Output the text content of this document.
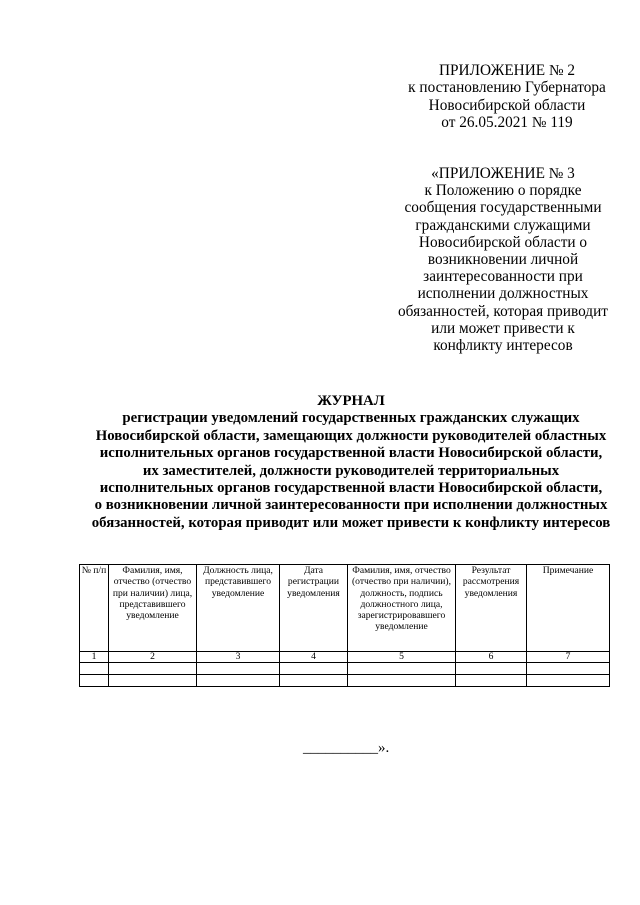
ПРИЛОЖЕНИЕ № 2
к постановлению Губернатора
Новосибирской области
от 26.05.2021 № 119
«ПРИЛОЖЕНИЕ № 3
к Положению о порядке
сообщения государственными
гражданскими служащими
Новосибирской области о
возникновении личной
заинтересованности при
исполнении должностных
обязанностей, которая приводит
или может привести к
конфликту интересов
ЖУРНАЛ
регистрации уведомлений государственных гражданских служащих
Новосибирской области, замещающих должности руководителей областных
исполнительных органов государственной власти Новосибирской области,
их заместителей, должности руководителей территориальных
исполнительных органов государственной власти Новосибирской области,
о возникновении личной заинтересованности при исполнении должностных
обязанностей, которая приводит или может привести к конфликту интересов
№ п/п	Фамилия, имя, отчество (отчество при наличии) лица, представившего уведомление	Должность лица, представившего уведомление	Дата регистрации уведомления	Фамилия, имя, отчество (отчество при наличии), должность, подпись должностного лица, зарегистрировавшего уведомление	Результат рассмотрения уведомления	Примечание
1	2	3	4	5	6	7

__________».
